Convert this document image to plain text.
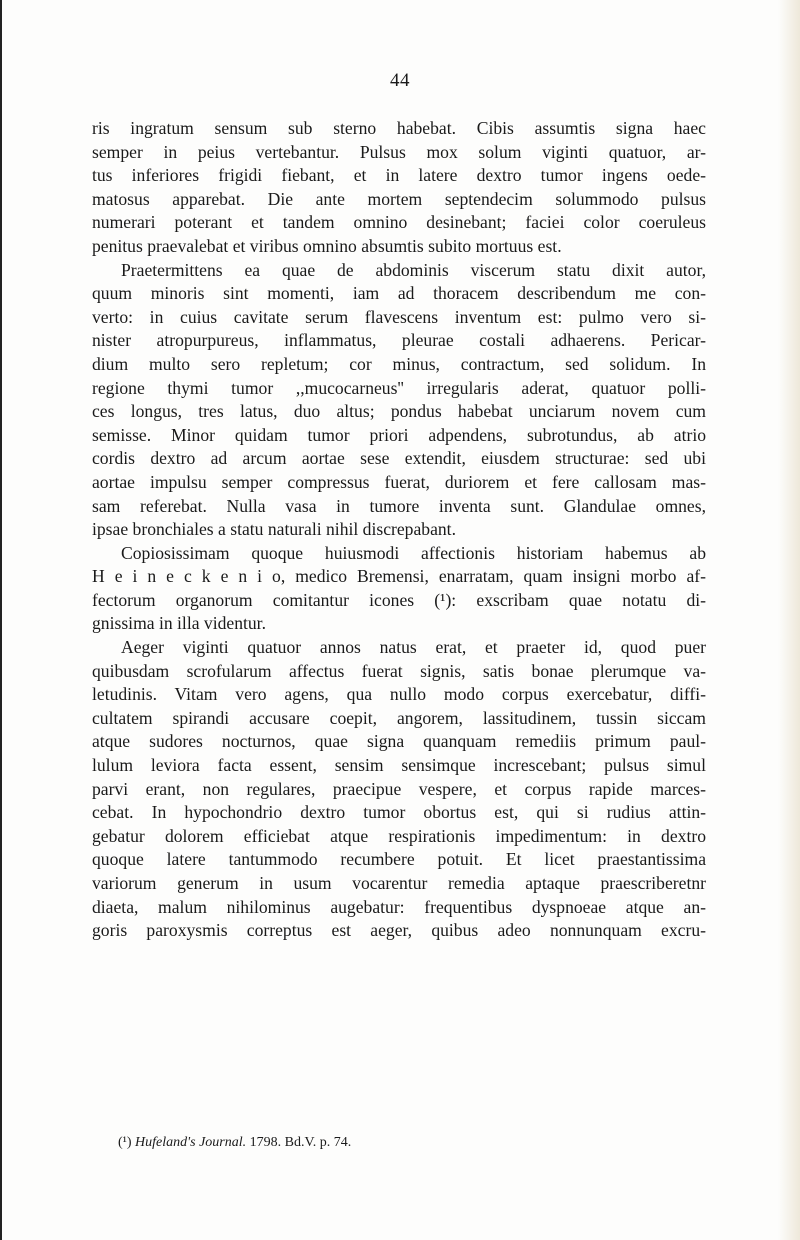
44
ris ingratum sensum sub sterno habebat. Cibis assumtis signa haec
semper in peius vertebantur. Pulsus mox solum viginti quatuor, ar-
tus inferiores frigidi fiebant, et in latere dextro tumor ingens oede-
matosus apparebat. Die ante mortem septendecim solummodo pulsus
numerari poterant et tandem omnino desinebant; faciei color coeruleus
penitus praevalebat et viribus omnino absumtis subito mortuus est.
Praetermittens ea quae de abdominis viscerum statu dixit autor,
quum minoris sint momenti, iam ad thoracem describendum me con-
verto: in cuius cavitate serum flavescens inventum est: pulmo vero si-
nister atropurpureus, inflammatus, pleurae costali adhaerens. Pericar-
dium multo sero repletum; cor minus, contractum, sed solidum. In
regione thymi tumor ,,mucocarneus'' irregularis aderat, quatuor polli-
ces longus, tres latus, duo altus; pondus habebat unciarum novem cum
semisse. Minor quidam tumor priori adpendens, subrotundus, ab atrio
cordis dextro ad arcum aortae sese extendit, eiusdem structurae: sed ubi
aortae impulsu semper compressus fuerat, duriorem et fere callosam mas-
sam referebat. Nulla vasa in tumore inventa sunt. Glandulae omnes,
ipsae bronchiales a statu naturali nihil discrepabant.
Copiosissimam quoque huiusmodi affectionis historiam habemus ab
H e i n e c k e n i o, medico Bremensi, enarratam, quam insigni morbo af-
fectorum organorum comitantur icones (¹): exscribam quae notatu di-
gnissima in illa videntur.
Aeger viginti quatuor annos natus erat, et praeter id, quod puer
quibusdam scrofularum affectus fuerat signis, satis bonae plerumque va-
letudinis. Vitam vero agens, qua nullo modo corpus exercebatur, diffi-
cultatem spirandi accusare coepit, angorem, lassitudinem, tussin siccam
atque sudores nocturnos, quae signa quanquam remediis primum paul-
lulum leviora facta essent, sensim sensimque increscebant; pulsus simul
parvi erant, non regulares, praecipue vespere, et corpus rapide marces-
cebat. In hypochondrio dextro tumor obortus est, qui si rudius attin-
gebatur dolorem efficiebat atque respirationis impedimentum: in dextro
quoque latere tantummodo recumbere potuit. Et licet praestantissima
variorum generum in usum vocarentur remedia aptaque praescriberetnr
diaeta, malum nihilominus augebatur: frequentibus dyspnoeae atque an-
goris paroxysmis correptus est aeger, quibus adeo nonnunquam excru-
(¹) Hufeland's Journal. 1798. Bd.V. p. 74.
